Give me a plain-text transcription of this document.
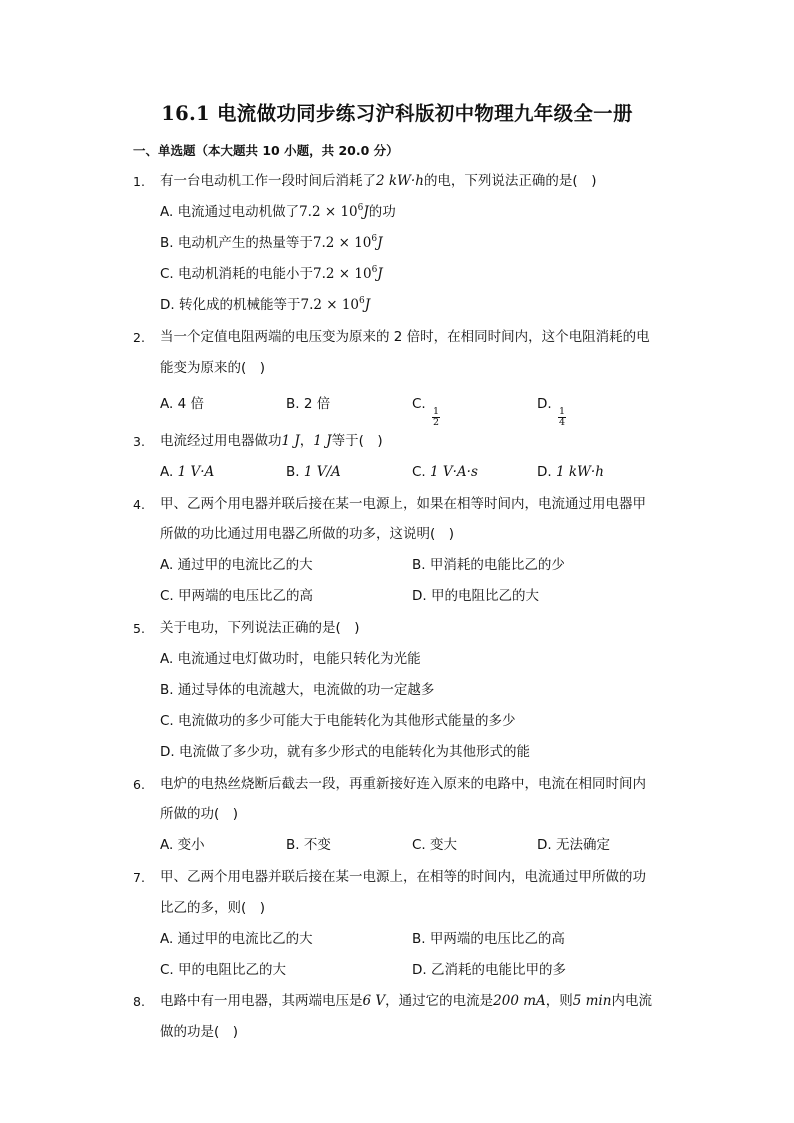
16.1 电流做功同步练习沪科版初中物理九年级全一册
一、单选题（本大题共 10 小题，共 20.0 分）
1.	有一台电动机工作一段时间后消耗了2 kW·h的电，下列说法正确的是(　)
A. 电流通过电动机做了$7.2 \times 10^6J$的功
B. 电动机产生的热量等于$7.2 \times 10^6J$
C. 电动机消耗的电能小于$7.2 \times 10^6J$
D. 转化成的机械能等于$7.2 \times 10^6J$
2.	当一个定值电阻两端的电压变为原来的 2 倍时，在相同时间内，这个电阻消耗的电
能变为原来的(　)
A. 4 倍	B. 2 倍	C.
$\frac{1}{2}$
D.
$\frac{1}{4}$
3.	电流经过用电器做功1 J，1 J等于(　)
A. 1 V·A	B. 1 V/A	C. 1 V·A·s	D. 1 kW·h
4.	甲、乙两个用电器并联后接在某一电源上，如果在相等时间内，电流通过用电器甲
所做的功比通过用电器乙所做的功多，这说明(　)
A. 通过甲的电流比乙的大	B. 甲消耗的电能比乙的少
C. 甲两端的电压比乙的高	D. 甲的电阻比乙的大
5.	关于电功，下列说法正确的是(　)
A. 电流通过电灯做功时，电能只转化为光能
B. 通过导体的电流越大，电流做的功一定越多
C. 电流做功的多少可能大于电能转化为其他形式能量的多少
D. 电流做了多少功，就有多少形式的电能转化为其他形式的能
6.	电炉的电热丝烧断后截去一段，再重新接好连入原来的电路中，电流在相同时间内
所做的功(　)
A. 变小	B. 不变	C. 变大	D. 无法确定
7.	甲、乙两个用电器并联后接在某一电源上，在相等的时间内，电流通过甲所做的功
比乙的多，则(　)
A. 通过甲的电流比乙的大	B. 甲两端的电压比乙的高
C. 甲的电阻比乙的大	D. 乙消耗的电能比甲的多
8.	电路中有一用电器，其两端电压是6 V，通过它的电流是200 mA，则5 min内电流
做的功是(　)
